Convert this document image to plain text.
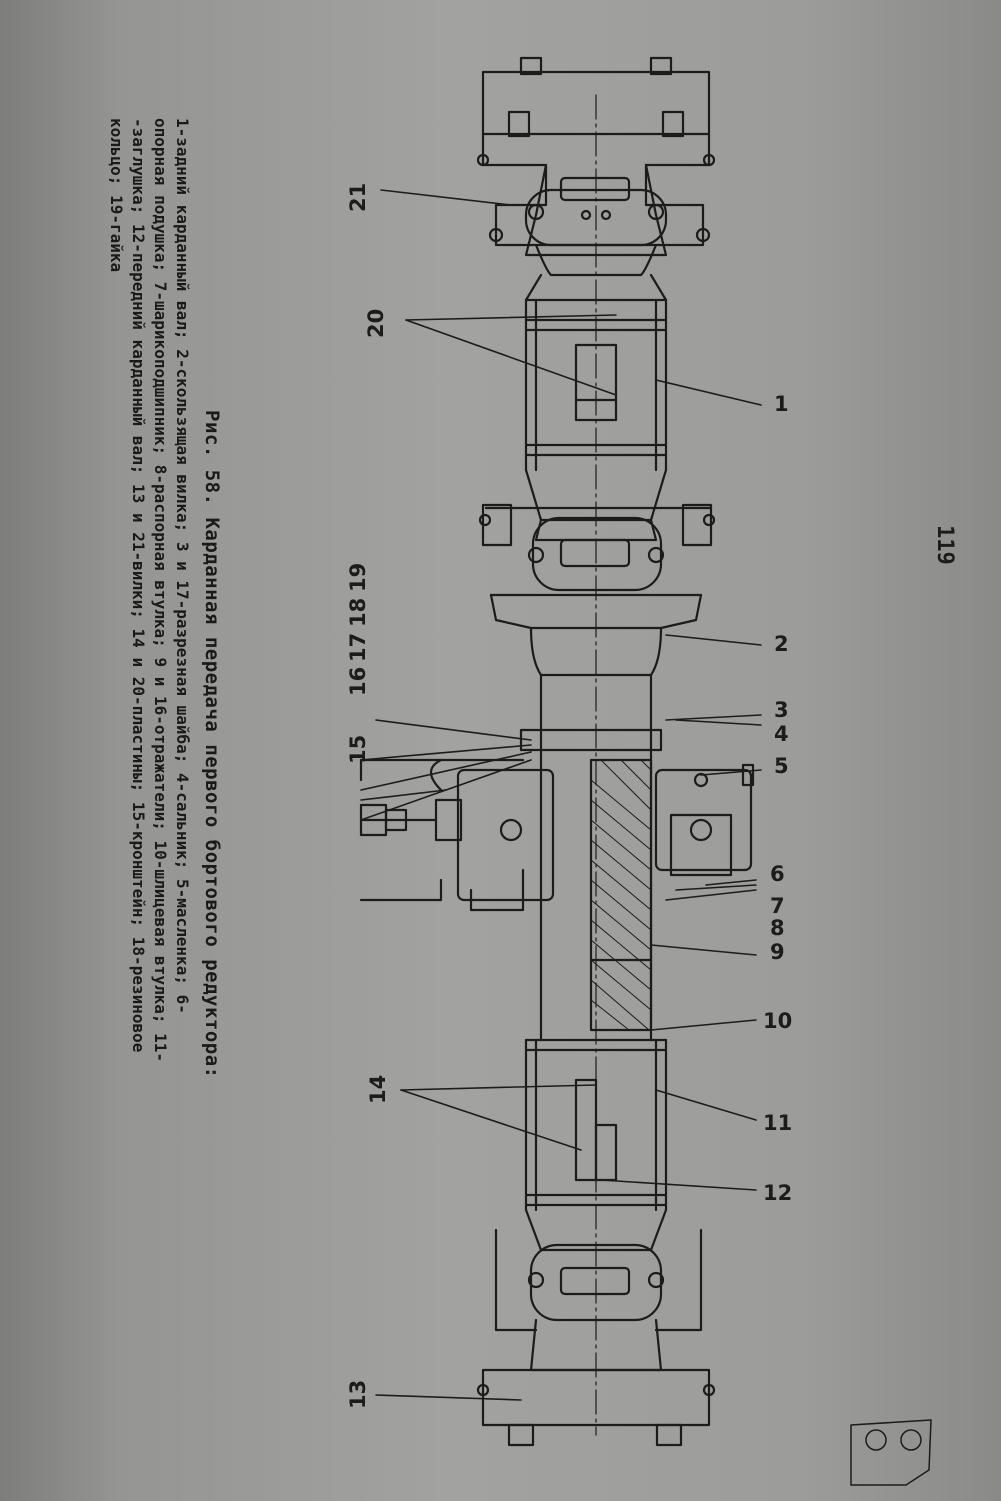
119
21
20
1
2
3
4
5
6
7
8
9
10
11
12
14
13
19
18
17
16
15
Рис. 58. Карданная передача первого бортового редуктора:
1-задний карданный вал; 2-скользящая вилка; 3 и 17-разрезная шайба; 4-сальник; 5-масленка; 6-
опорная подушка; 7-шарикоподшипник; 8-распорная втулка; 9 и 16-отражатели; 10-шлицевая втулка; 11-
-заглушка; 12-передний карданный вал; 13 и 21-вилки; 14 и 20-пластины; 15-кронштейн; 18-резиновое
кольцо; 19-гайка
